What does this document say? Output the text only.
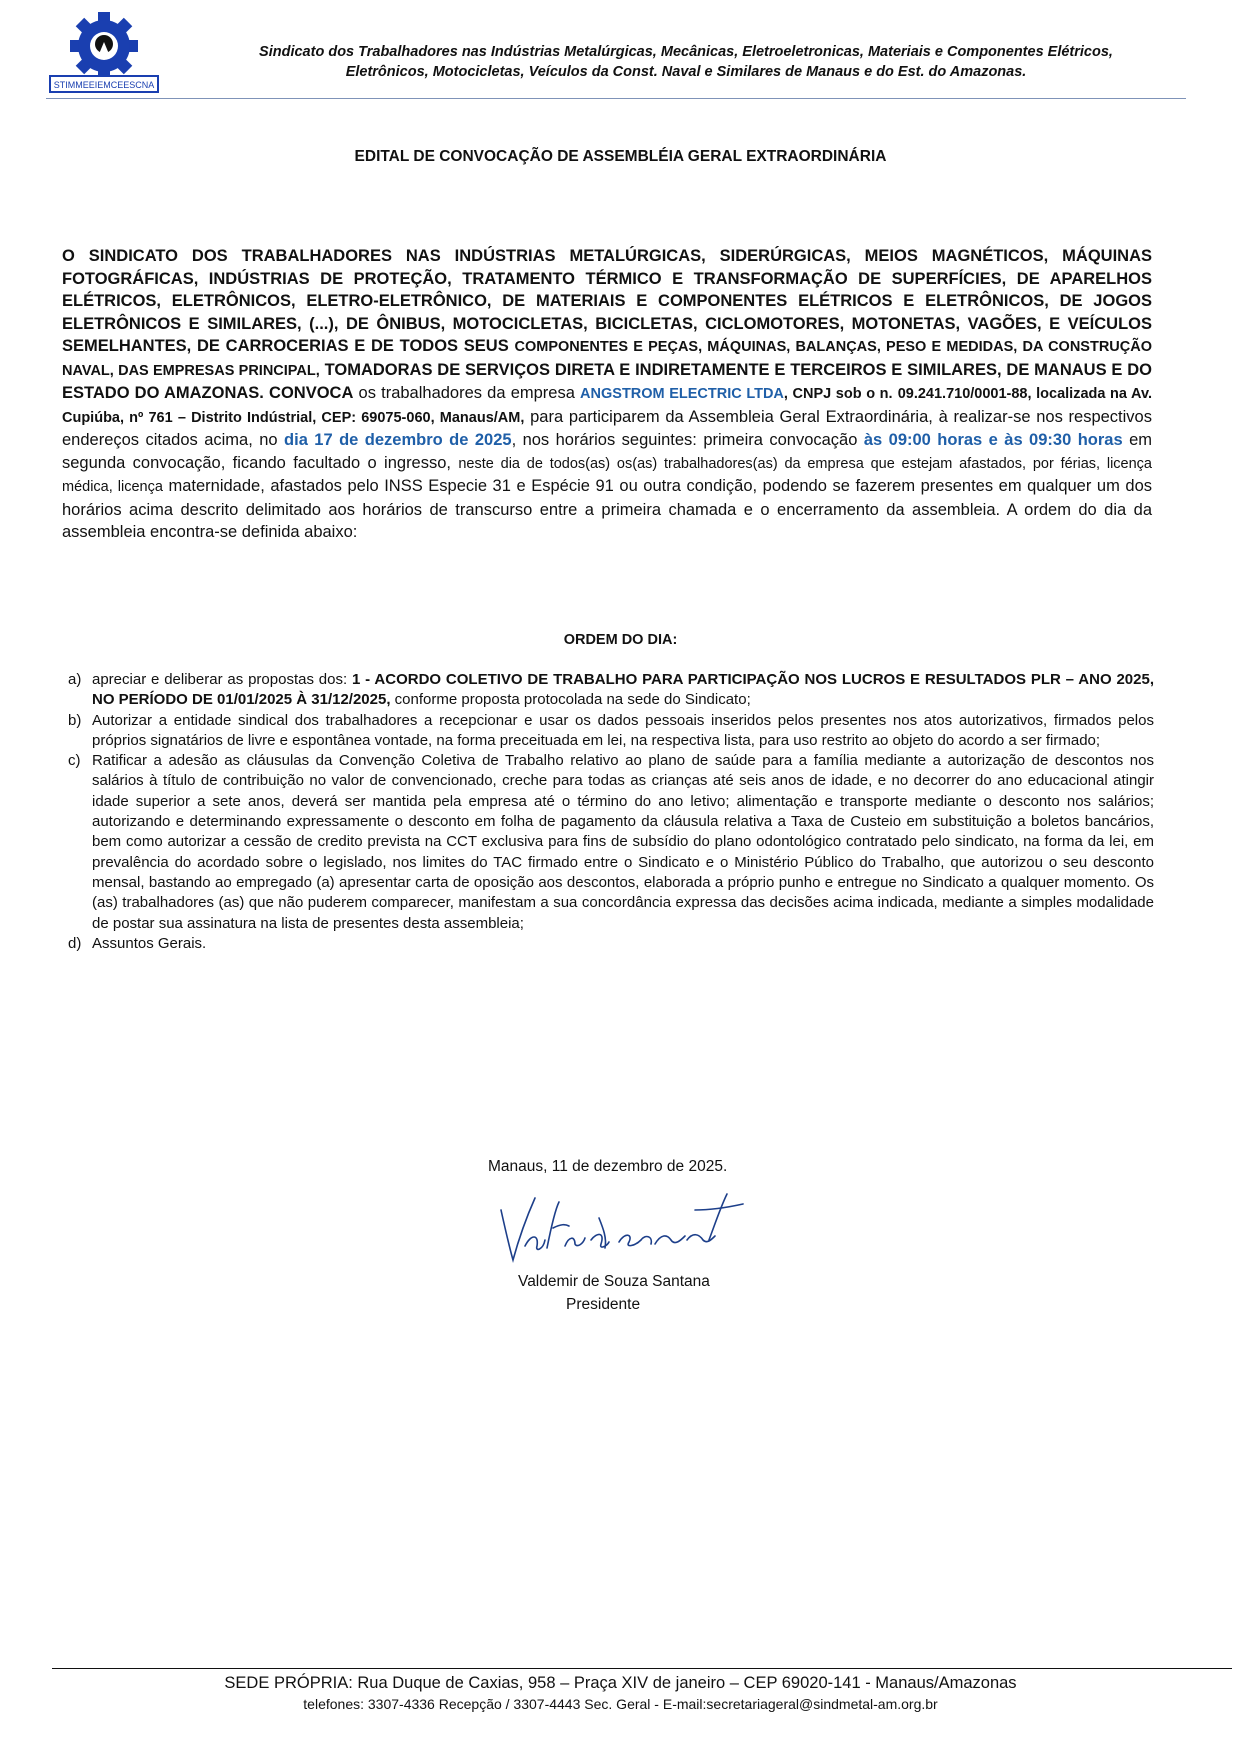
STIMMEEIEMCEESCNA
Sindicato dos Trabalhadores nas Indústrias Metalúrgicas, Mecânicas, Eletroeletronicas, Materiais e Componentes Elétricos,
Eletrônicos, Motocicletas, Veículos da Const. Naval e Similares de Manaus e do Est. do Amazonas.
EDITAL DE CONVOCAÇÃO DE ASSEMBLÉIA GERAL EXTRAORDINÁRIA
O SINDICATO DOS TRABALHADORES NAS INDÚSTRIAS METALÚRGICAS, SIDERÚRGICAS, MEIOS MAGNÉTICOS, MÁQUINAS FOTOGRÁFICAS, INDÚSTRIAS DE PROTEÇÃO, TRATAMENTO TÉRMICO E TRANSFORMAÇÃO DE SUPERFÍCIES, DE APARELHOS ELÉTRICOS, ELETRÔNICOS, ELETRO-ELETRÔNICO, DE MATERIAIS E COMPONENTES ELÉTRICOS E ELETRÔNICOS, DE JOGOS ELETRÔNICOS E SIMILARES, (...), DE ÔNIBUS, MOTOCICLETAS, BICICLETAS, CICLOMOTORES, MOTONETAS, VAGÕES, E VEÍCULOS SEMELHANTES, DE CARROCERIAS E DE TODOS SEUS COMPONENTES E PEÇAS, MÁQUINAS, BALANÇAS, PESO E MEDIDAS, DA CONSTRUÇÃO NAVAL, DAS EMPRESAS PRINCIPAL, TOMADORAS DE SERVIÇOS DIRETA E INDIRETAMENTE E TERCEIROS E SIMILARES, DE MANAUS E DO ESTADO DO AMAZONAS. CONVOCA os trabalhadores da empresa ANGSTROM ELECTRIC LTDA, CNPJ sob o n. 09.241.710/0001-88, localizada na Av. Cupiúba, nº 761 – Distrito Indústrial, CEP: 69075-060, Manaus/AM, para participarem da Assembleia Geral Extraordinária, à realizar-se nos respectivos endereços citados acima, no dia 17 de dezembro de 2025, nos horários seguintes: primeira convocação às 09:00 horas e às 09:30 horas em segunda convocação, ficando facultado o ingresso, neste dia de todos(as) os(as) trabalhadores(as) da empresa que estejam afastados, por férias, licença médica, licença maternidade, afastados pelo INSS Especie 31 e Espécie 91 ou outra condição, podendo se fazerem presentes em qualquer um dos horários acima descrito delimitado aos horários de transcurso entre a primeira chamada e o encerramento da assembleia. A ordem do dia da assembleia encontra-se definida abaixo:
ORDEM DO DIA:
a) apreciar e deliberar as propostas dos: 1 - ACORDO COLETIVO DE TRABALHO PARA PARTICIPAÇÃO NOS LUCROS E RESULTADOS PLR – ANO 2025, NO PERÍODO DE 01/01/2025 À 31/12/2025, conforme proposta protocolada na sede do Sindicato;
b) Autorizar a entidade sindical dos trabalhadores a recepcionar e usar os dados pessoais inseridos pelos presentes nos atos autorizativos, firmados pelos próprios signatários de livre e espontânea vontade, na forma preceituada em lei, na respectiva lista, para uso restrito ao objeto do acordo a ser firmado;
c) Ratificar a adesão as cláusulas da Convenção Coletiva de Trabalho relativo ao plano de saúde para a família mediante a autorização de descontos nos salários à título de contribuição no valor de convencionado, creche para todas as crianças até seis anos de idade, e no decorrer do ano educacional atingir idade superior a sete anos, deverá ser mantida pela empresa até o término do ano letivo; alimentação e transporte mediante o desconto nos salários; autorizando e determinando expressamente o desconto em folha de pagamento da cláusula relativa a Taxa de Custeio em substituição a boletos bancários, bem como autorizar a cessão de credito prevista na CCT exclusiva para fins de subsídio do plano odontológico contratado pelo sindicato, na forma da lei, em prevalência do acordado sobre o legislado, nos limites do TAC firmado entre o Sindicato e o Ministério Público do Trabalho, que autorizou o seu desconto mensal, bastando ao empregado (a) apresentar carta de oposição aos descontos, elaborada a próprio punho e entregue no Sindicato a qualquer momento. Os (as) trabalhadores (as) que não puderem comparecer, manifestam a sua concordância expressa das decisões acima indicada, mediante a simples modalidade de postar sua assinatura na lista de presentes desta assembleia;
d) Assuntos Gerais.
Manaus, 11 de dezembro de 2025.
Valdemir de Souza Santana
Presidente
SEDE PRÓPRIA: Rua Duque de Caxias, 958 – Praça XIV de janeiro – CEP 69020-141 - Manaus/Amazonas
telefones: 3307-4336 Recepção / 3307-4443 Sec. Geral - E-mail:secretariageral@sindmetal-am.org.br
